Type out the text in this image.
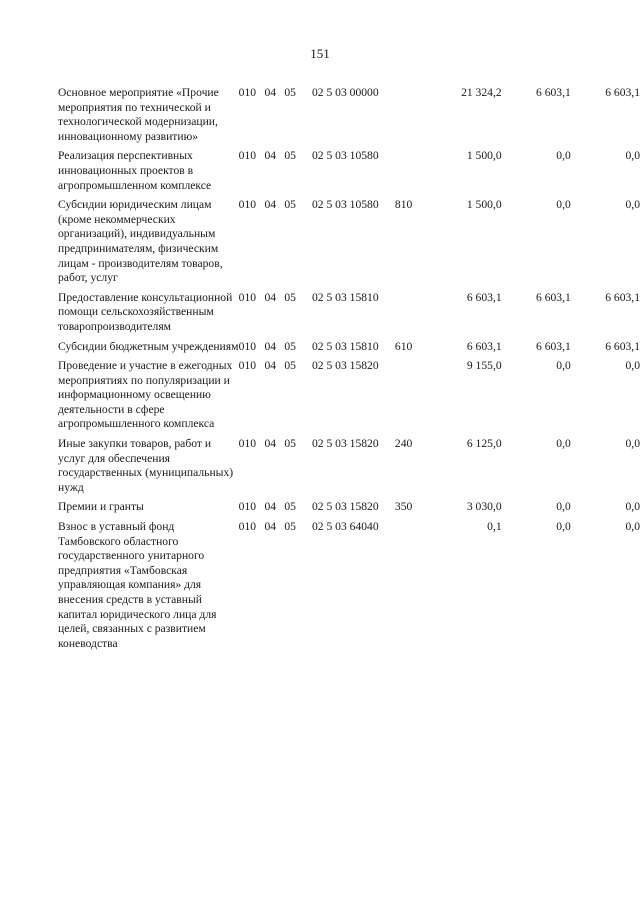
151
Основное мероприятие «Прочие мероприятия по технической и технологической модернизации, инновационному развитию»	010	04	05	02 5 03 00000		21 324,2	6 603,1	6 603,1
Реализация перспективных инновационных проектов в агропромышленном комплексе	010	04	05	02 5 03 10580		1 500,0	0,0	0,0
Субсидии юридическим лицам (кроме некоммерческих организаций), индивидуальным предпринимателям, физическим лицам - производителям товаров, работ, услуг	010	04	05	02 5 03 10580	810	1 500,0	0,0	0,0
Предоставление консультационной помощи сельскохозяйственным товаропроизводителям	010	04	05	02 5 03 15810		6 603,1	6 603,1	6 603,1
Субсидии бюджетным учреждениям	010	04	05	02 5 03 15810	610	6 603,1	6 603,1	6 603,1
Проведение и участие в ежегодных мероприятиях по популяризации и информационному освещению деятельности в сфере агропромышленного комплекса	010	04	05	02 5 03 15820		9 155,0	0,0	0,0
Иные закупки товаров, работ и услуг для обеспечения государственных (муниципальных) нужд	010	04	05	02 5 03 15820	240	6 125,0	0,0	0,0
Премии и гранты	010	04	05	02 5 03 15820	350	3 030,0	0,0	0,0
Взнос в уставный фонд Тамбовского областного государственного унитарного предприятия «Тамбовская управляющая компания» для внесения средств в уставный капитал юридического лица для целей, связанных с развитием коневодства	010	04	05	02 5 03 64040		0,1	0,0	0,0
